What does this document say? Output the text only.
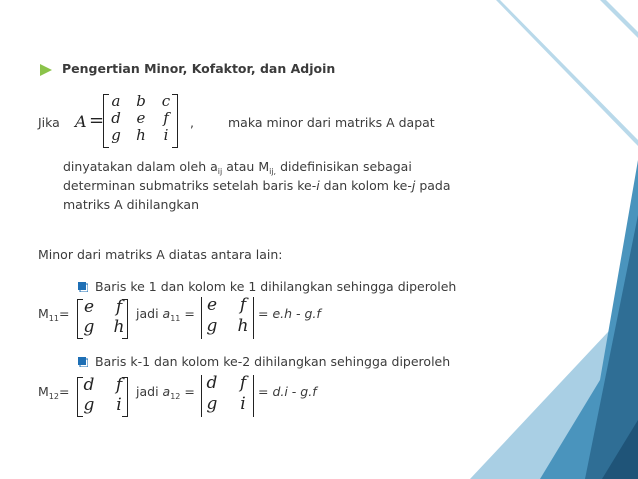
Pengertian Minor, Kofaktor, dan Adjoin
Jika A =
a	b	c
d	e	f
g h	i
,	maka minor dari matriks A dapat
dinyatakan dalam oleh $a_{ij}$ atau $M_{ij,}$ didefinisikan sebagai
determinan submatriks setelah baris ke-i dan kolom ke-j pada
matriks A dihilangkan
Minor dari matriks A diatas antara lain:
Baris ke 1 dan kolom ke 1 dihilangkan sehingga diperoleh
$M_{11}= e$	f
g	h
jadi $a_{11} = e$	f
g	h
= e.h - g.f
Baris k-1 dan kolom ke-2 dihilangkan sehingga diperoleh
$M_{12}= d$	f
g	i
jadi $a_{12} = d$	f
g	i
= d.i - g.f
